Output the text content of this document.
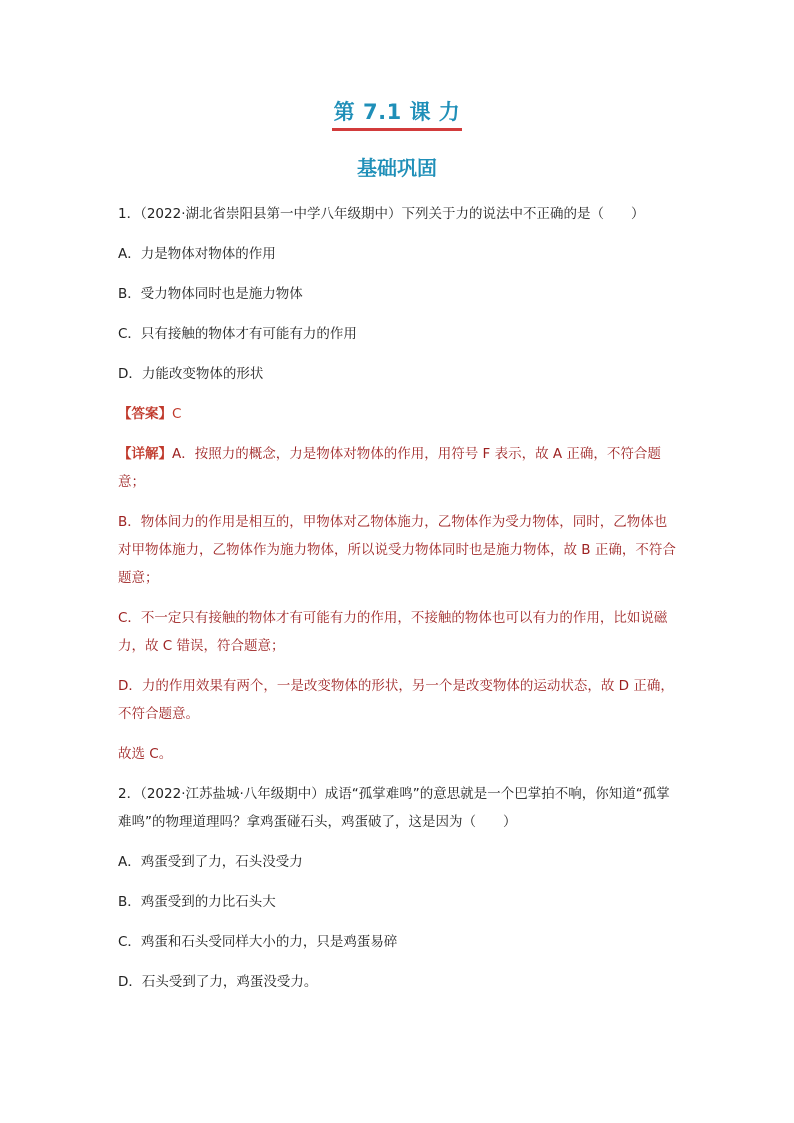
第 7.1 课 力
基础巩固
1．（2022·湖北省崇阳县第一中学八年级期中）下列关于力的说法中不正确的是（　　）
A．力是物体对物体的作用
B．受力物体同时也是施力物体
C．只有接触的物体才有可能有力的作用
D．力能改变物体的形状
【答案】C
【详解】A．按照力的概念，力是物体对物体的作用，用符号 F 表示，故 A 正确，不符合题意；
B．物体间力的作用是相互的，甲物体对乙物体施力，乙物体作为受力物体，同时，乙物体也对甲物体施力，乙物体作为施力物体，所以说受力物体同时也是施力物体，故 B 正确，不符合题意；
C．不一定只有接触的物体才有可能有力的作用，不接触的物体也可以有力的作用，比如说磁力，故 C 错误，符合题意；
D．力的作用效果有两个，一是改变物体的形状，另一个是改变物体的运动状态，故 D 正确，不符合题意。
故选 C。
2．（2022·江苏盐城·八年级期中）成语“孤掌难鸣”的意思就是一个巴掌拍不响，你知道“孤掌难鸣”的物理道理吗？拿鸡蛋碰石头，鸡蛋破了，这是因为（　　）
A．鸡蛋受到了力，石头没受力
B．鸡蛋受到的力比石头大
C．鸡蛋和石头受同样大小的力，只是鸡蛋易碎
D．石头受到了力，鸡蛋没受力。
